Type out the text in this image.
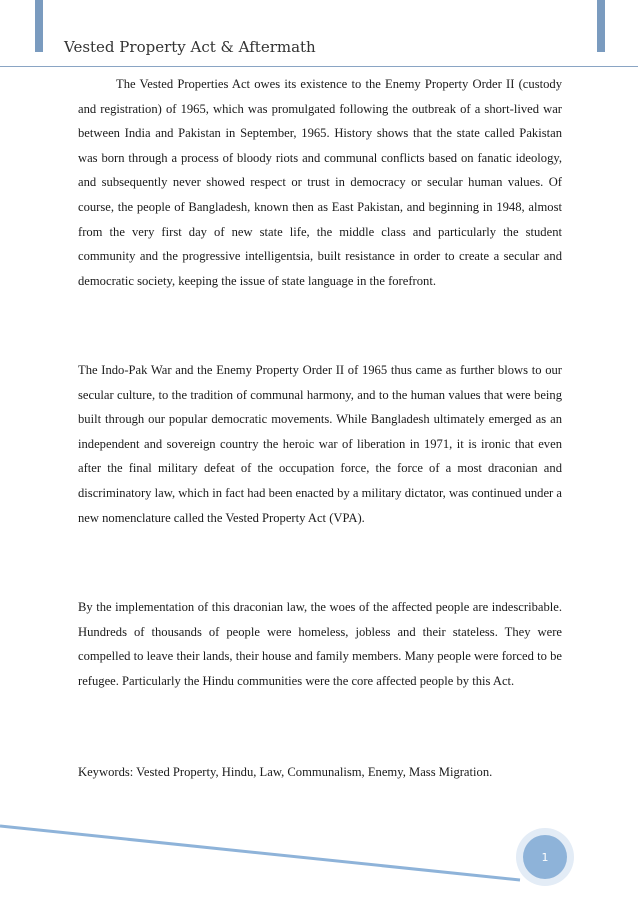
Vested Property Act & Aftermath

The Vested Properties Act owes its existence to the Enemy Property Order II (custody and registration) of 1965, which was promulgated following the outbreak of a short-lived war between India and Pakistan in September, 1965. History shows that the state called Pakistan was born through a process of bloody riots and communal conflicts based on fanatic ideology, and subsequently never showed respect or trust in democracy or secular human values. Of course, the people of Bangladesh, known then as East Pakistan, and beginning in 1948, almost from the very first day of new state life, the middle class and particularly the student community and the progressive intelligentsia, built resistance in order to create a secular and democratic society, keeping the issue of state language in the forefront.

The Indo-Pak War and the Enemy Property Order II of 1965 thus came as further blows to our secular culture, to the tradition of communal harmony, and to the human values that were being built through our popular democratic movements. While Bangladesh ultimately emerged as an independent and sovereign country the heroic war of liberation in 1971, it is ironic that even after the final military defeat of the occupation force, the force of a most draconian and discriminatory law, which in fact had been enacted by a military dictator, was continued under a new nomenclature called the Vested Property Act (VPA).

By the implementation of this draconian law, the woes of the affected people are indescribable. Hundreds of thousands of people were homeless, jobless and their stateless. They were compelled to leave their lands, their house and family members. Many people were forced to be refugee. Particularly the Hindu communities were the core affected people by this Act.

Keywords: Vested Property, Hindu, Law, Communalism, Enemy, Mass Migration.

1
